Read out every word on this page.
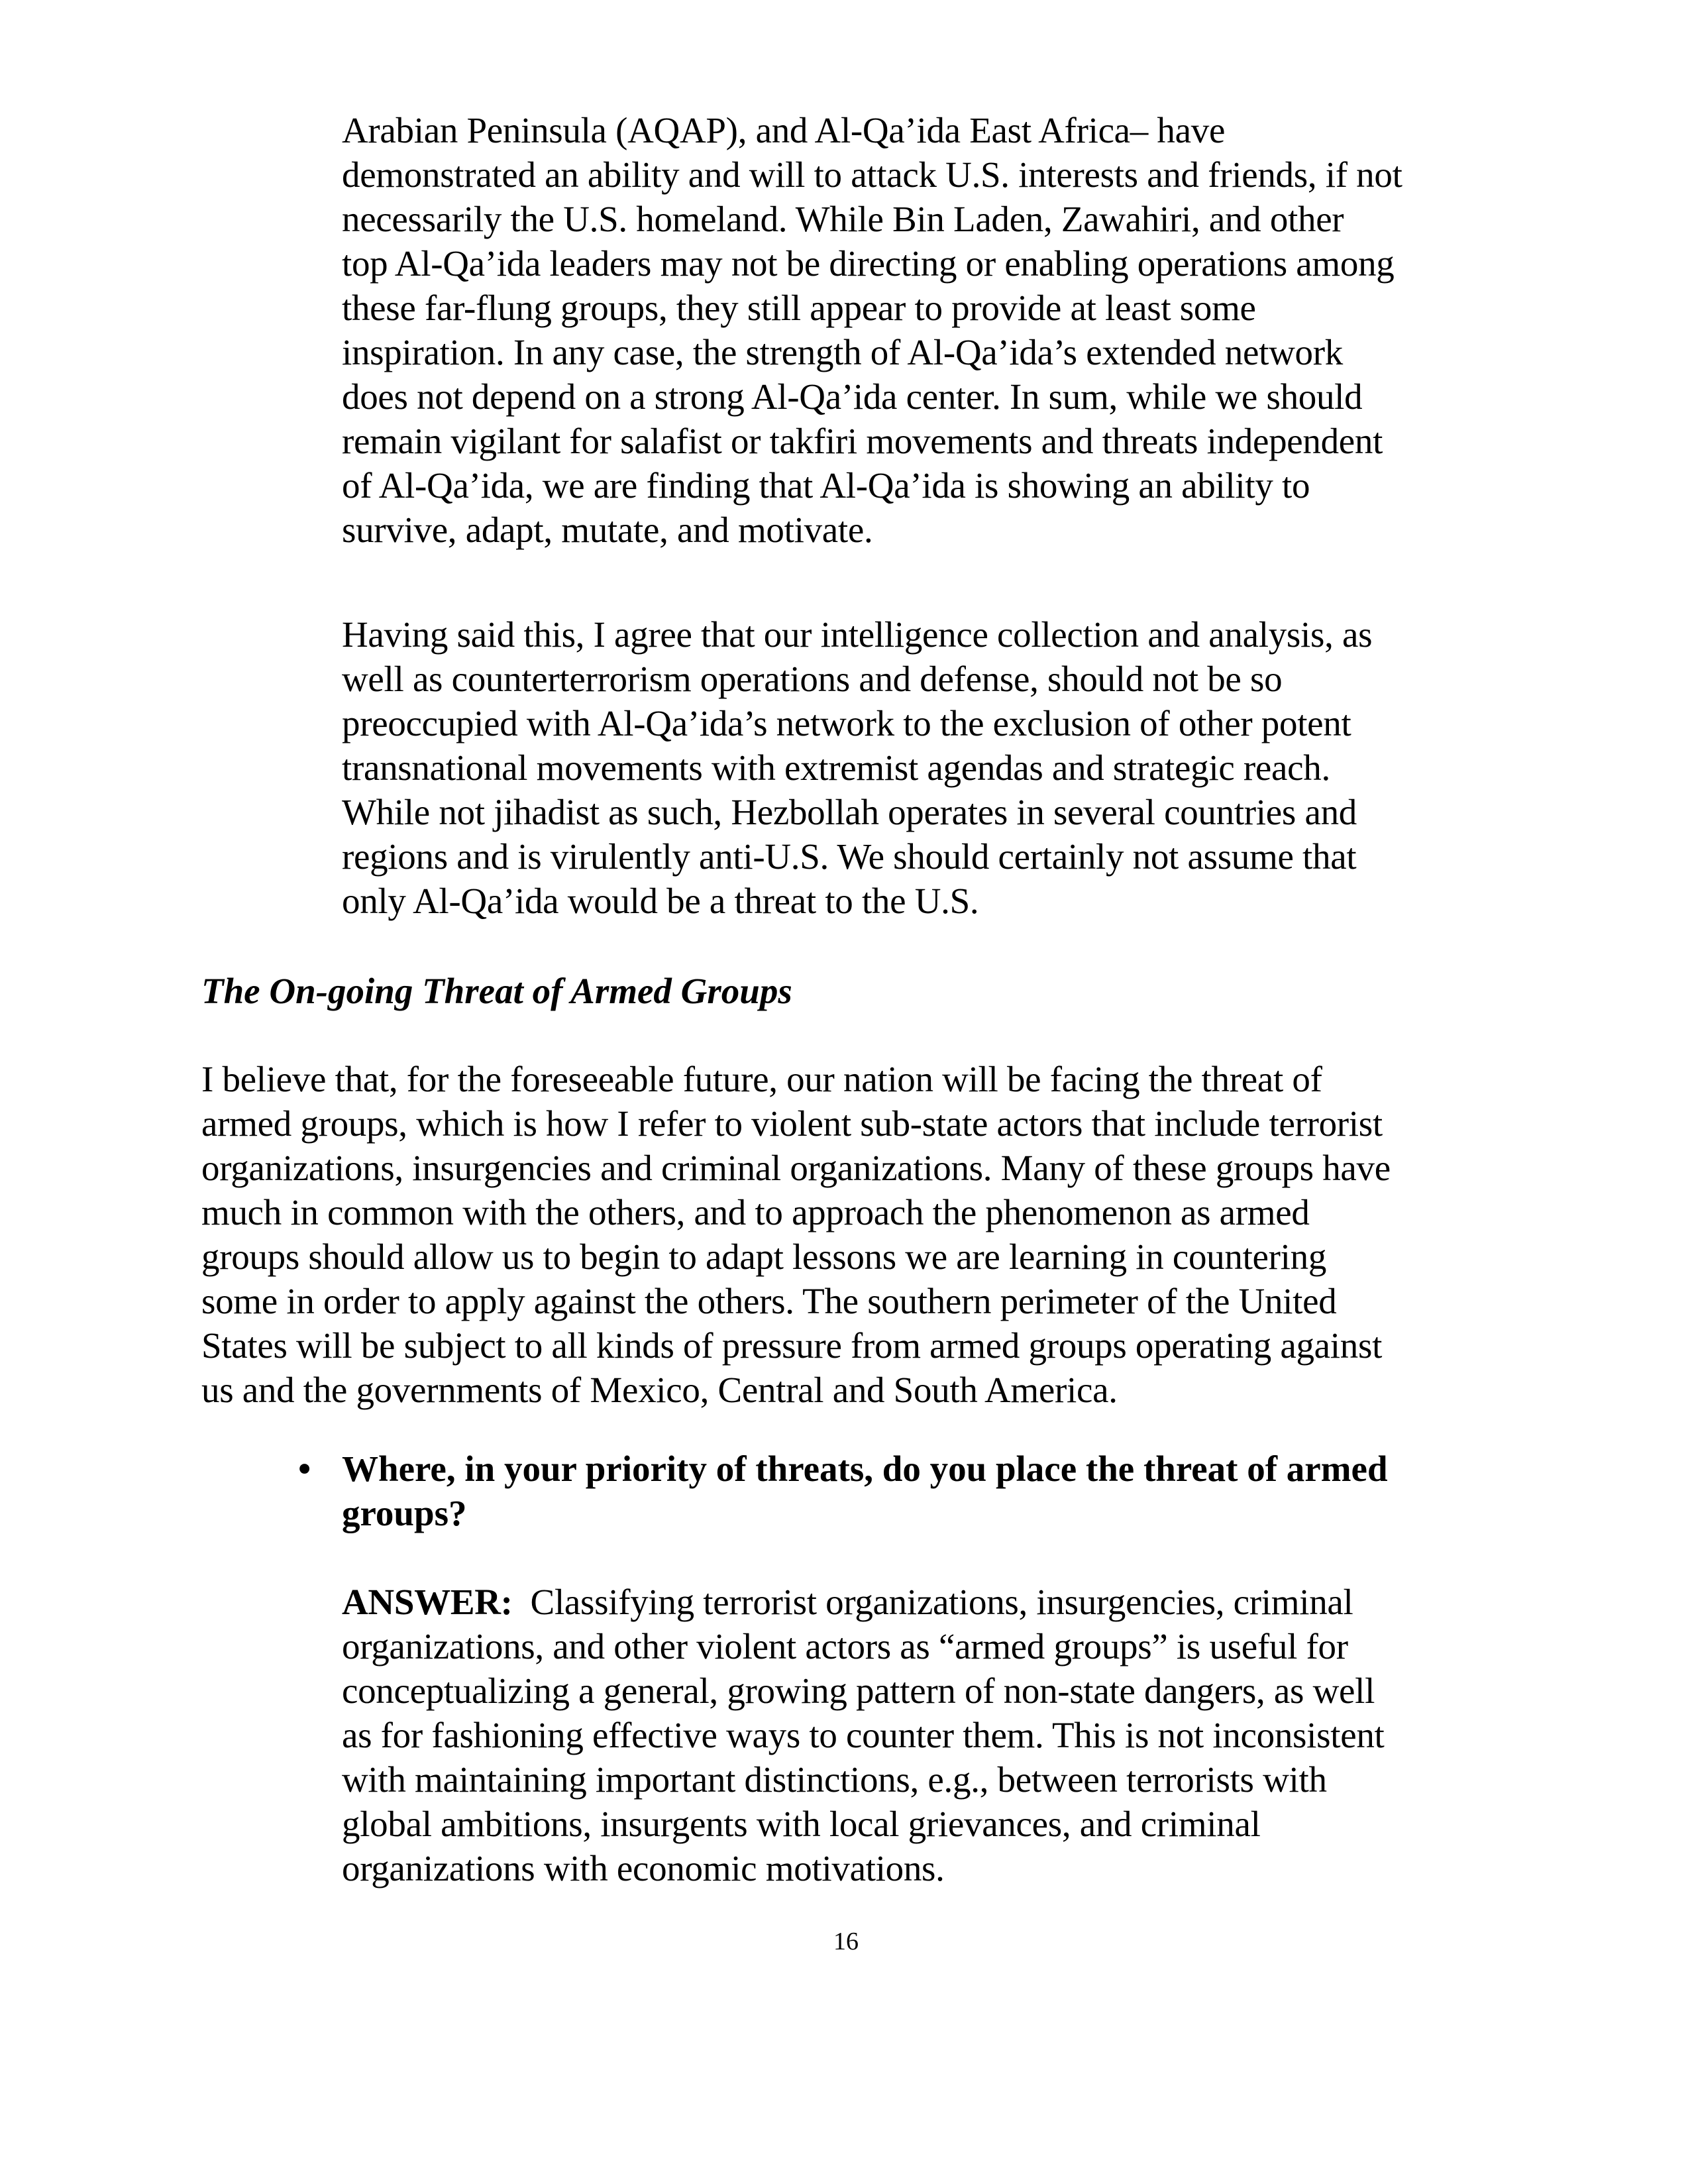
Arabian Peninsula (AQAP), and Al-Qa’ida East Africa– have
demonstrated an ability and will to attack U.S. interests and friends, if not
necessarily the U.S. homeland. While Bin Laden, Zawahiri, and other
top Al-Qa’ida leaders may not be directing or enabling operations among
these far-flung groups, they still appear to provide at least some
inspiration. In any case, the strength of Al-Qa’ida’s extended network
does not depend on a strong Al-Qa’ida center. In sum, while we should
remain vigilant for salafist or takfiri movements and threats independent
of Al-Qa’ida, we are finding that Al-Qa’ida is showing an ability to
survive, adapt, mutate, and motivate.
Having said this, I agree that our intelligence collection and analysis, as
well as counterterrorism operations and defense, should not be so
preoccupied with Al-Qa’ida’s network to the exclusion of other potent
transnational movements with extremist agendas and strategic reach.
While not jihadist as such, Hezbollah operates in several countries and
regions and is virulently anti-U.S. We should certainly not assume that
only Al-Qa’ida would be a threat to the U.S.
The On-going Threat of Armed Groups
I believe that, for the foreseeable future, our nation will be facing the threat of
armed groups, which is how I refer to violent sub-state actors that include terrorist
organizations, insurgencies and criminal organizations. Many of these groups have
much in common with the others, and to approach the phenomenon as armed
groups should allow us to begin to adapt lessons we are learning in countering
some in order to apply against the others. The southern perimeter of the United
States will be subject to all kinds of pressure from armed groups operating against
us and the governments of Mexico, Central and South America.
• Where, in your priority of threats, do you place the threat of armed
groups?
ANSWER:  Classifying terrorist organizations, insurgencies, criminal
organizations, and other violent actors as “armed groups” is useful for
conceptualizing a general, growing pattern of non-state dangers, as well
as for fashioning effective ways to counter them. This is not inconsistent
with maintaining important distinctions, e.g., between terrorists with
global ambitions, insurgents with local grievances, and criminal
organizations with economic motivations.
16
